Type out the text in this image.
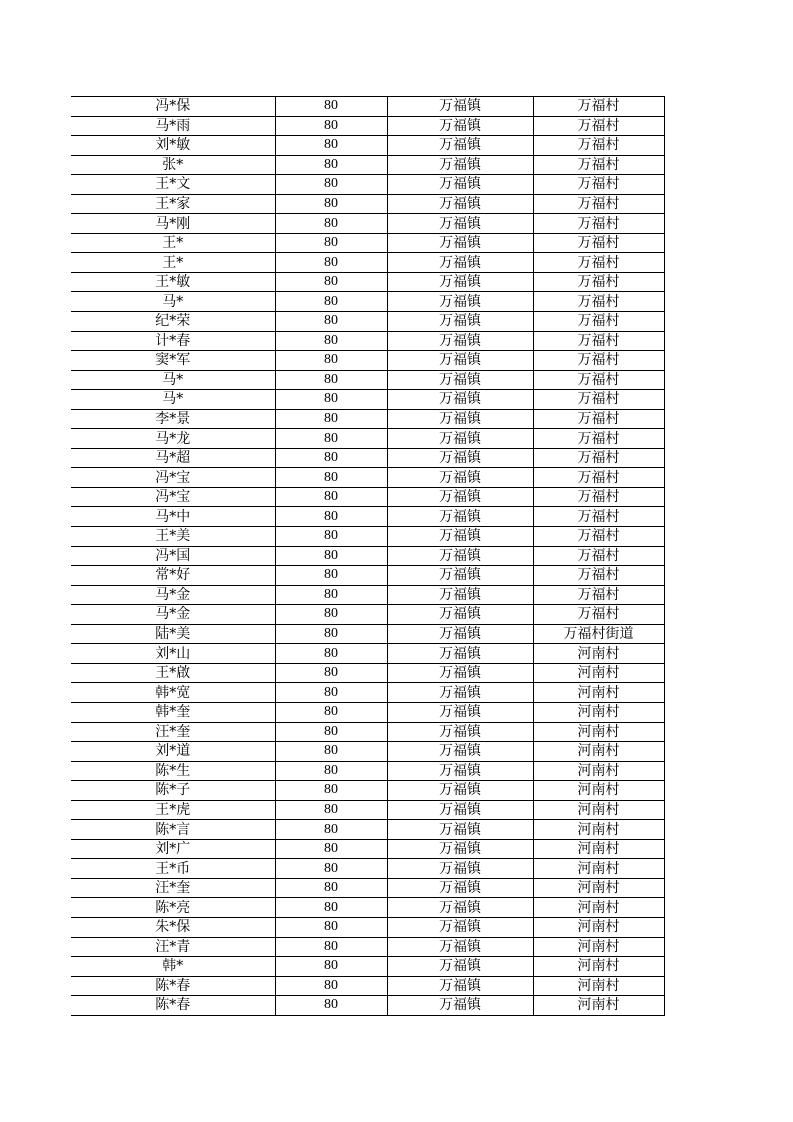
冯*保	80	万福镇	万福村
马*雨	80	万福镇	万福村
刘*敏	80	万福镇	万福村
张*	80	万福镇	万福村
王*文	80	万福镇	万福村
王*家	80	万福镇	万福村
马*刚	80	万福镇	万福村
王*	80	万福镇	万福村
王*	80	万福镇	万福村
王*敏	80	万福镇	万福村
马*	80	万福镇	万福村
纪*荣	80	万福镇	万福村
计*春	80	万福镇	万福村
窦*军	80	万福镇	万福村
马*	80	万福镇	万福村
马*	80	万福镇	万福村
李*景	80	万福镇	万福村
马*龙	80	万福镇	万福村
马*超	80	万福镇	万福村
冯*宝	80	万福镇	万福村
冯*宝	80	万福镇	万福村
马*中	80	万福镇	万福村
王*美	80	万福镇	万福村
冯*国	80	万福镇	万福村
常*好	80	万福镇	万福村
马*金	80	万福镇	万福村
马*金	80	万福镇	万福村
陆*美	80	万福镇	万福村街道
刘*山	80	万福镇	河南村
王*啟	80	万福镇	河南村
韩*宽	80	万福镇	河南村
韩*奎	80	万福镇	河南村
汪*奎	80	万福镇	河南村
刘*道	80	万福镇	河南村
陈*生	80	万福镇	河南村
陈*子	80	万福镇	河南村
王*虎	80	万福镇	河南村
陈*言	80	万福镇	河南村
刘*广	80	万福镇	河南村
王*币	80	万福镇	河南村
汪*奎	80	万福镇	河南村
陈*亮	80	万福镇	河南村
朱*保	80	万福镇	河南村
汪*青	80	万福镇	河南村
韩*	80	万福镇	河南村
陈*春	80	万福镇	河南村
陈*春	80	万福镇	河南村
